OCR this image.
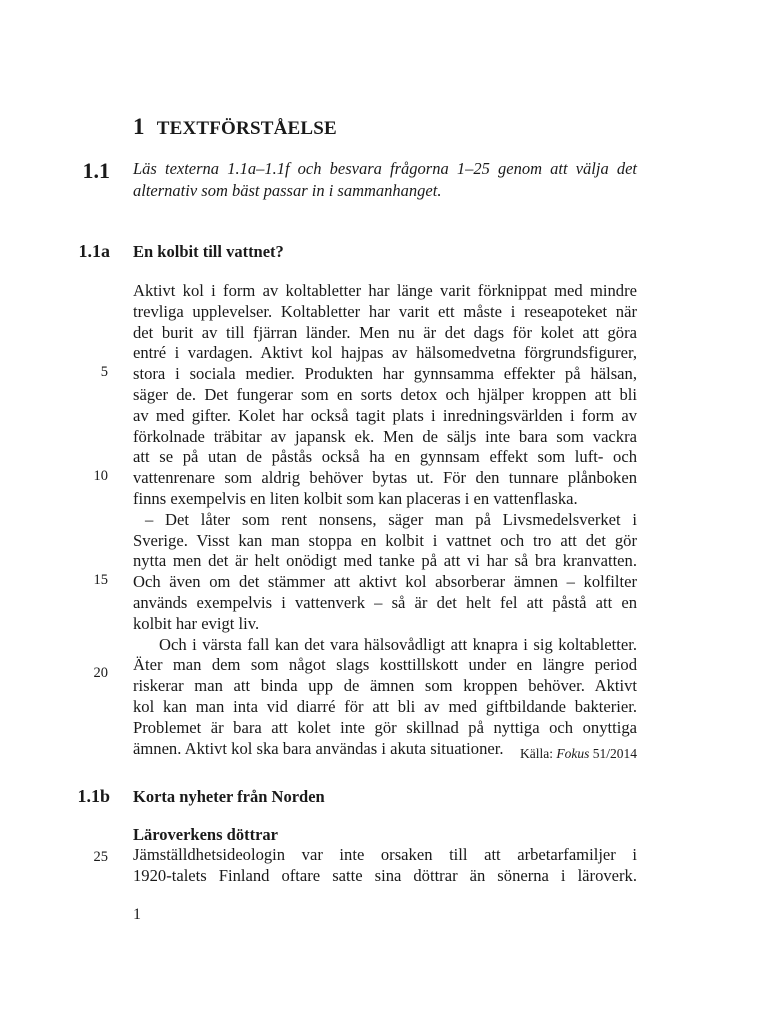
1 TEXTFÖRSTÅELSE
1.1 Läs texterna 1.1a–1.1f och besvara frågorna 1–25 genom att välja det alternativ som bäst passar in i sammanhanget.
1.1a En kolbit till vattnet?
Aktivt kol i form av koltabletter har länge varit förknippat med mindre
trevliga upplevelser. Koltabletter har varit ett måste i reseapoteket när
det burit av till fjärran länder. Men nu är det dags för kolet att göra
entré i vardagen. Aktivt kol hajpas av hälsomedvetna förgrundsfigurer,
stora i sociala medier. Produkten har gynnsamma effekter på hälsan,
säger de. Det fungerar som en sorts detox och hjälper kroppen att bli
av med gifter. Kolet har också tagit plats i inredningsvärlden i form av
förkolnade träbitar av japansk ek. Men de säljs inte bara som vackra
att se på utan de påstås också ha en gynnsam effekt som luft- och
vattenrenare som aldrig behöver bytas ut. För den tunnare plånboken
finns exempelvis en liten kolbit som kan placeras i en vattenflaska.
– Det låter som rent nonsens, säger man på Livsmedelsverket i
Sverige. Visst kan man stoppa en kolbit i vattnet och tro att det gör
nytta men det är helt onödigt med tanke på att vi har så bra kranvatten.
Och även om det stämmer att aktivt kol absorberar ämnen – kolfilter
används exempelvis i vattenverk – så är det helt fel att påstå att en
kolbit har evigt liv.
Och i värsta fall kan det vara hälsovådligt att knapra i sig koltabletter.
Äter man dem som något slags kosttillskott under en längre period
riskerar man att binda upp de ämnen som kroppen behöver. Aktivt
kol kan man inta vid diarré för att bli av med giftbildande bakterier.
Problemet är bara att kolet inte gör skillnad på nyttiga och onyttiga
ämnen. Aktivt kol ska bara användas i akuta situationer.
5
10
15
20
Källa: Fokus 51/2014
1.1b Korta nyheter från Norden
Läroverkens döttrar
Jämställdhetsideologin var inte orsaken till att arbetarfamiljer i
1920-talets Finland oftare satte sina döttrar än sönerna i läroverk.
25
1
